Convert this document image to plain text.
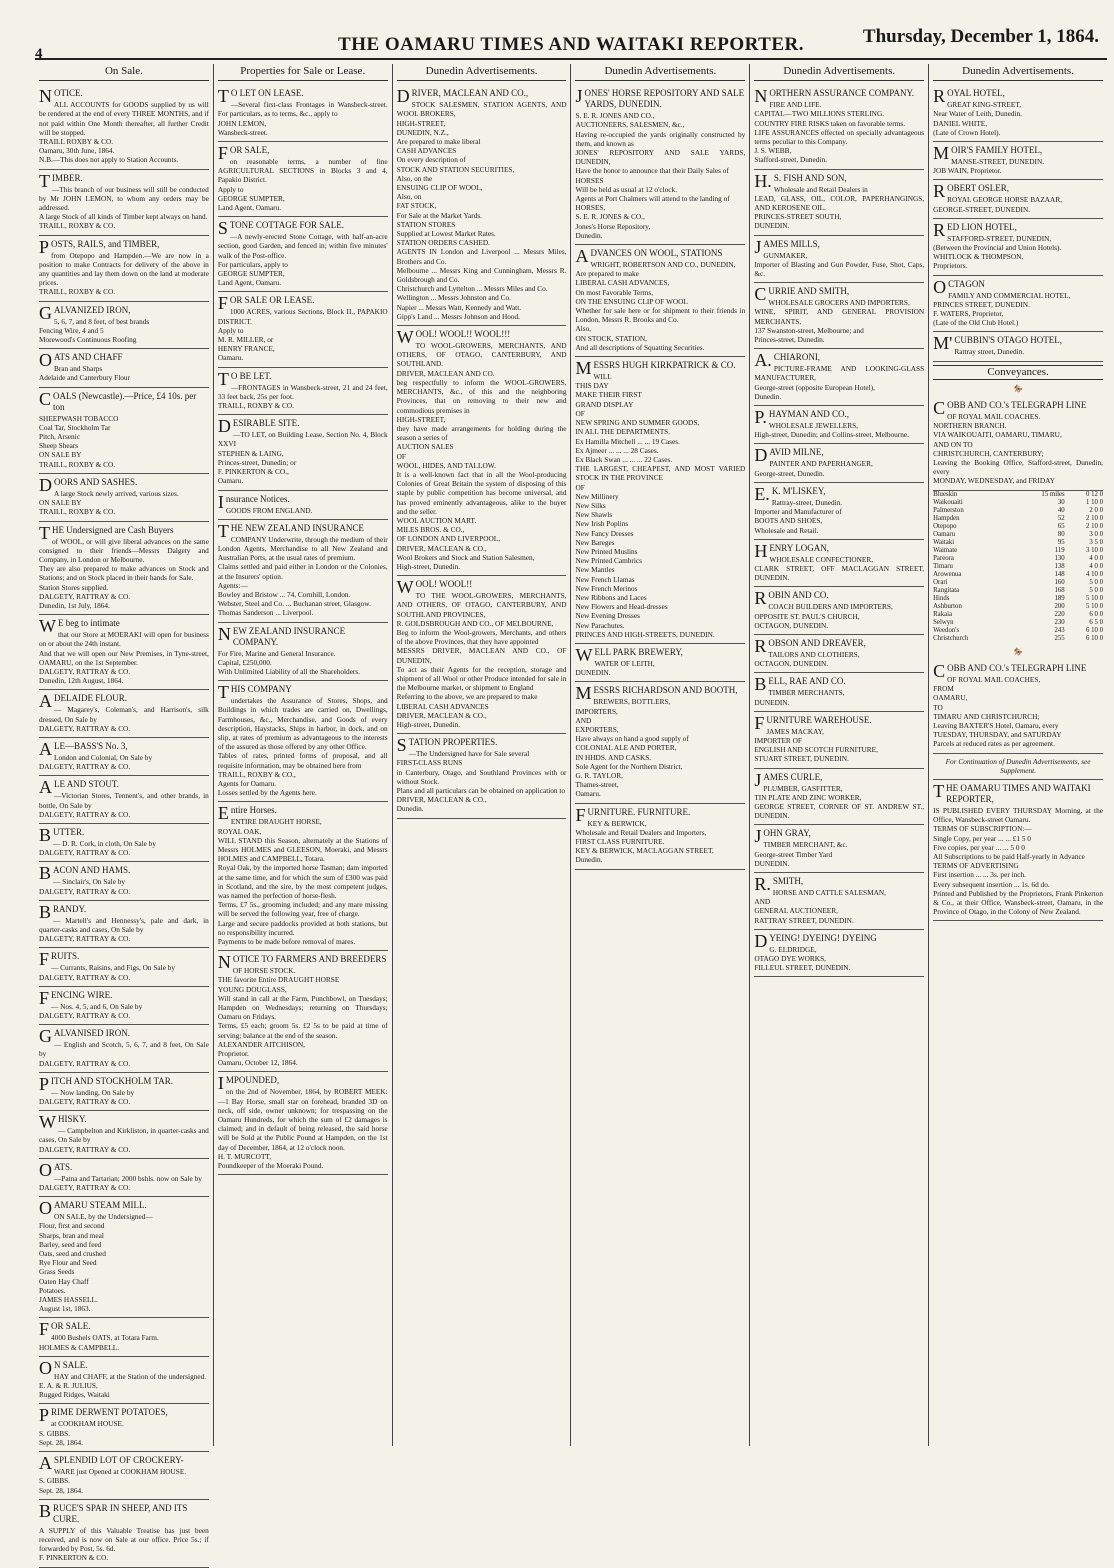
4	THE OAMARU TIMES AND WAITAKI REPORTER.	Thursday, December 1, 1864.
On Sale.
NOTICE.
ALL ACCOUNTS for GOODS supplied by us will be rendered at the end of every THREE MONTHS, and if not paid within One Month thereafter, all further Credit will be stopped.
TRAILL ROXBY & CO.
Oamaru, 30th June, 1864.
N.B.—This does not apply to Station Accounts.
TIMBER.
—This branch of our business will still be conducted by Mr JOHN LEMON, to whom any orders may be addressed.
A large Stock of all kinds of Timber kept always on hand.
TRAILL, ROXBY & CO.
POSTS, RAILS, and TIMBER,
from Otepopo and Hampden.—We are now in a position to make Contracts for delivery of the above in any quantities and lay them down on the land at moderate prices.
TRAILL, ROXBY & CO.
GALVANIZED IRON,
5, 6, 7, and 8 feet, of best brands
Fencing Wire, 4 and 5
Morewood's Continuous Roofing
OATS AND CHAFF
Bran and Sharps
Adelaide and Canterbury Flour
COALS (Newcastle).—Price, £4 10s. per ton
SHEEPWASH TOBACCO
Coal Tar, Stockholm Tar
Pitch, Arsenic
Sheep Shears
ON SALE BY
TRAILL, ROXBY & CO.
DOORS AND SASHES.
A large Stock newly arrived, various sizes.
ON SALE BY
TRAILL, ROXBY & CO.
THE Undersigned are Cash Buyers
of WOOL, or will give liberal advances on the same consigned to their friends—Messrs Dalgety and Company, in London or Melbourne.
They are also prepared to make advances on Stock and Stations; and on Stock placed in their hands for Sale.
Station Stores supplied.
DALGETY, RATTRAY & CO.
Dunedin, 1st July, 1864.
WE beg to intimate
that our Store at MOERAKI will open for business on or about the 24th instant.
And that we will open our New Premises, in Tyne-street, OAMARU, on the 1st September.
DALGETY, RATTRAY & CO.
Dunedin, 12th August, 1864.
ADELAIDE FLOUR.
— Magarey's, Coleman's, and Harrison's, silk dressed, On Sale by
DALGETY, RATTRAY & CO.
ALE—BASS'S No. 3,
London and Colonial, On Sale by
DALGETY, RATTRAY & CO.
ALE AND STOUT.
—Victorian Stores, Tennent's, and other brands, in bottle, On Sale by
DALGETY, RATTRAY & CO.
BUTTER.
— D. R. Cork, in cloth, On Sale by
DALGETY, RATTRAY & CO.
BACON AND HAMS.
— Sinclair's, On Sale by
DALGETY, RATTRAY & CO.
BRANDY.
— Martell's and Hennessy's, pale and dark, in quarter-casks and cases, On Sale by
DALGETY, RATTRAY & CO.
FRUITS.
— Currants, Raisins, and Figs, On Sale by
DALGETY, RATTRAY & CO.
FENCING WIRE.
— Nos. 4, 5, and 6, On Sale by
DALGETY, RATTRAY & CO.
GALVANISED IRON.
— English and Scotch, 5, 6, 7, and 8 feet, On Sale by
DALGETY, RATTRAY & CO.
PITCH AND STOCKHOLM TAR.
— Now landing, On Sale by
DALGETY, RATTRAY & CO.
WHISKY.
— Campbelton and Kirkliston, in quarter-casks and cases, On Sale by
DALGETY, RATTRAY & CO.
OATS.
—Patna and Tartarian; 2000 bshls. now on Sale by
DALGETY, RATTRAY & CO.
OAMARU STEAM MILL.
ON SALE, by the Undersigned—
Flour, first and second
Sharps, bran and meal
Barley, seed and feed
Oats, seed and crushed
Rye Flour and Seed
Grass Seeds
Oaten Hay Chaff
Potatoes.
JAMES HASSELL.
August 1st, 1863.
FOR SALE.
4000 Bushels OATS, at Totara Farm.
HOLMES & CAMPBELL.
ON SALE.
HAY and CHAFF, at the Station of the undersigned.
E. A. & R. JULIUS,
Rugged Ridges, Waitaki
PRIME DERWENT POTATOES,
at COOKHAM HOUSE.
S. GIBBS.
Sept. 28, 1864.
ASPLENDID LOT OF CROCKERY-
WARE just Opened at COOKHAM HOUSE.
S. GIBBS.
Sept. 28, 1864.
BRUCE'S SPAR IN SHEEP, AND ITS CURE.
A SUPPLY of this Valuable Treatise has just been received, and is now on Sale at our office. Price 5s.; if forwarded by Post, 5s. 6d.
F. PINKERTON & CO.
Properties for Sale or Lease.
TO LET ON LEASE.
—Several first-class Frontages in Wansbeck-street. For particulars, as to terms, &c., apply to
JOHN LEMON,
Wansbeck-street.
FOR SALE,
on reasonable terms, a number of fine AGRICULTURAL SECTIONS in Blocks 3 and 4, Papakio District.
Apply to
GEORGE SUMPTER,
Land Agent, Oamaru.
STONE COTTAGE FOR SALE.
—A newly-erected Stone Cottage, with half-an-acre section, good Garden, and fenced in; within five minutes' walk of the Post-office.
For particulars, apply to
GEORGE SUMPTER,
Land Agent, Oamaru.
FOR SALE OR LEASE.
1000 ACRES, various Sections, Block II., PAPAKIO DISTRICT.
Apply to
M. R. MILLER, or
HENRY FRANCE,
Oamaru.
TO BE LET.
—FRONTAGES in Wansbeck-street, 21 and 24 feet, 33 feet back, 25s per foot.
TRAILL, ROXBY & CO.
DESIRABLE SITE.
—TO LET, on Building Lease, Section No. 4, Block XXVI
STEPHEN & LAING,
Princes-street, Dunedin; or
F. PINKERTON & CO.,
Oamaru.
Insurance Notices.
GOODS FROM ENGLAND.
THE NEW ZEALAND INSURANCE
COMPANY Underwrite, through the medium of their London Agents, Merchandise to all New Zealand and Australian Ports, at the usual rates of premium.
Claims settled and paid either in London or the Colonies, at the Insurers' option.
Agents:—
Bowley and Bristow ... 74, Cornhill, London.
Webster, Steel and Co. ... Buchanan street, Glasgow.
Thomas Sanderson ... Liverpool.
NEW ZEALAND INSURANCE COMPANY.
For Fire, Marine and General Insurance.
Capital, £250,000.
With Unlimited Liability of all the Shareholders.
THIS COMPANY
undertakes the Assurance of Stores, Shops, and Buildings in which trades are carried on, Dwellings, Farmhouses, &c., Merchandise, and Goods of every description, Haystacks, Ships in harbor, in dock, and on slip, at rates of premium as advantageous to the interests of the assured as those offered by any other Office.
Tables of rates, printed forms of proposal, and all requisite information, may be obtained here from
TRAILL, ROXBY & CO.,
Agents for Oamaru.
Losses settled by the Agents here.
Entire Horses.
ENTIRE DRAUGHT HORSE,
ROYAL OAK,
WILL STAND this Season, alternately at the Stations of Messrs HOLMES and GLEESON, Moeraki, and Messrs HOLMES and CAMPBELL, Totara.
Royal Oak, by the imported horse Tasman; dam imported at the same time, and for which the sum of £300 was paid in Scotland, and the sire, by the most competent judges, was named the perfection of horse-flesh.
Terms, £7 5s., grooming included; and any mare missing will be served the following year, free of charge.
Large and secure paddocks provided at both stations, but no responsibility incurred.
Payments to be made before removal of mares.
NOTICE TO FARMERS AND BREEDERS
OF HORSE STOCK.
THE favorite Entire DRAUGHT HORSE
YOUNG DOUGLASS,
Will stand in call at the Farm, Punchbowl, on Tuesdays; Hampden on Wednesdays; returning on Thursdays; Oamaru on Fridays.
Terms, £5 each; groom 5s. £2 5s to be paid at time of serving; balance at the end of the season.
ALEXANDER AITCHISON,
Proprietor.
Oamaru, October 12, 1864.
IMPOUNDED,
on the 2nd of November, 1864, by ROBERT MEEK:—1 Bay Horse, small star on forehead, branded 3D on neck, off side, owner unknown; for trespassing on the Oamaru Hundreds, for which the sum of £2 damages is claimed; and in default of being released, the said horse will be Sold at the Public Pound at Hampden, on the 1st day of December, 1864, at 12 o'clock noon.
H. T. MURCOTT,
Poundkeeper of the Moeraki Pound.
Dunedin Advertisements.
DRIVER, MACLEAN AND CO.,
STOCK SALESMEN, STATION AGENTS, AND WOOL BROKERS,
HIGH-STREET,
DUNEDIN, N.Z.,
Are prepared to make liberal
CASH ADVANCES
On every description of
STOCK AND STATION SECURITIES,
Also, on the
ENSUING CLIP OF WOOL,
Also, on
FAT STOCK,
For Sale at the Market Yards.
STATION STORES
Supplied at Lowest Market Rates.
STATION ORDERS CASHED.
AGENTS IN London and Liverpool ... Messrs Miles, Brothers and Co.
Melbourne ... Messrs King and Cunningham, Messrs R. Goldsbrough and Co.
Christchurch and Lyttelton ... Messrs Miles and Co.
Wellington ... Messrs Johnston and Co.
Napier ... Messrs Watt, Kennedy and Watt.
Gipp's Land ... Messrs Johnson and Hood.
WOOL! WOOL!! WOOL!!!
TO WOOL-GROWERS, MERCHANTS, AND OTHERS, OF OTAGO, CANTERBURY, AND SOUTHLAND.
DRIVER, MACLEAN AND CO.
beg respectfully to inform the WOOL-GROWERS, MERCHANTS, &c., of this and the neighboring Provinces, that on removing to their new and commodious premises in
HIGH-STREET,
they have made arrangements for holding during the season a series of
AUCTION SALES
OF
WOOL, HIDES, AND TALLOW.
It is a well-known fact that in all the Wool-producing Colonies of Great Britain the system of disposing of this staple by public competition has become universal, and has proved eminently advantageous, alike to the buyer and the seller.
WOOL AUCTION MART.
MILES BROS. & CO.,
OF LONDON AND LIVERPOOL,
DRIVER, MACLEAN & CO.,
Wool Brokers and Stock and Station Salesmen,
High-street, Dunedin.
WOOL! WOOL!!
TO THE WOOL-GROWERS, MERCHANTS, AND OTHERS, OF OTAGO, CANTERBURY, AND SOUTHLAND PROVINCES,
R. GOLDSBROUGH AND CO., OF MELBOURNE,
Beg to inform the Wool-growers, Merchants, and others of the above Provinces, that they have appointed
MESSRS DRIVER, MACLEAN AND CO., OF DUNEDIN,
To act as their Agents for the reception, storage and shipment of all Wool or other Produce intended for sale in the Melbourne market, or shipment to England
Referring to the above, we are prepared to make
LIBERAL CASH ADVANCES
DRIVER, MACLEAN & CO.,
High-street, Dunedin.
STATION PROPERTIES.
—The Undersigned have for Sale several
FIRST-CLASS RUNS
in Canterbury, Otago, and Southland Provinces with or without Stock.
Plans and all particulars can be obtained on application to
DRIVER, MACLEAN & CO.,
Dunedin.
Dunedin Advertisements.
JONES' HORSE REPOSITORY AND SALE YARDS, DUNEDIN.
S. E. R. JONES AND CO.,
AUCTIONEERS, SALESMEN, &c.,
Having re-occupied the yards originally constructed by them, and known as
JONES' REPOSITORY AND SALE YARDS, DUNEDIN,
Have the honor to announce that their Daily Sales of
HORSES
Will be held as usual at 12 o'clock.
Agents at Port Chalmers will attend to the landing of
HORSES,
S. E. R. JONES & CO.,
Jones's Horse Repository,
Dunedin.
ADVANCES ON WOOL, STATIONS
WRIGHT, ROBERTSON AND CO., DUNEDIN,
Are prepared to make
LIBERAL CASH ADVANCES,
On most Favorable Terms,
ON THE ENSUING CLIP OF WOOL
Whether for sale here or for shipment to their friends in London, Messrs R. Brooks and Co.
Also,
ON STOCK, STATION,
And all descriptions of Squatting Securities.
MESSRS HUGH KIRKPATRICK & CO.
WILL
THIS DAY
MAKE THEIR FIRST
GRAND DISPLAY
OF
NEW SPRING AND SUMMER GOODS,
IN ALL THE DEPARTMENTS.
Ex Hamilla Mitchell ... ... 19 Cases.
Ex Ajmeer ... ... ... 28 Cases.
Ex Black Swan ... ... ... 22 Cases.
THE LARGEST, CHEAPEST, AND MOST VARIED STOCK IN THE PROVINCE
OF
New Millinery
New Silks
New Shawls
New Irish Poplins
New Fancy Dresses
New Bareges
New Printed Muslins
New Printed Cambrics
New Mantles
New French Llamas
New French Merinos
New Ribbons and Laces
New Flowers and Head-dresses
New Evening Dresses
New Parachutes.
PRINCES AND HIGH-STREETS, DUNEDIN.
WELL PARK BREWERY,
WATER OF LEITH,
DUNEDIN.
MESSRS RICHARDSON AND BOOTH,
BREWERS, BOTTLERS,
IMPORTERS,
AND
EXPORTERS,
Have always on hand a good supply of
COLONIAL ALE AND PORTER,
IN HHDS. AND CASKS.
Sole Agent for the Northern District,
G. R. TAYLOR,
Thames-street,
Oamaru.
FURNITURE. FURNITURE.
KEY & BERWICK,
Wholesale and Retail Dealers and Importers,
FIRST CLASS FURNITURE.
KEY & BERWICK, MACLAGGAN STREET,
Dunedin.
Dunedin Advertisements.
NORTHERN ASSURANCE COMPANY.
FIRE AND LIFE.
CAPITAL—TWO MILLIONS STERLING.
COUNTRY FIRE RISKS taken on favorable terms.
LIFE ASSURANCES effected on specially advantageous terms peculiar to this Company.
J. S. WEBB,
Stafford-street, Dunedin.
H.S. FISH AND SON,
Wholesale and Retail Dealers in
LEAD, GLASS, OIL, COLOR, PAPERHANGINGS, AND KEROSENE OIL.
PRINCES-STREET SOUTH,
DUNEDIN.
JAMES MILLS,
GUNMAKER,
Importer of Blasting and Gun Powder, Fuse, Shot, Caps, &c.
CURRIE AND SMITH,
WHOLESALE GROCERS AND IMPORTERS,
WINE, SPIRIT, AND GENERAL PROVISION MERCHANTS,
137 Swanston-street, Melbourne; and
Princes-street, Dunedin.
A.CHIARONI,
PICTURE-FRAME AND LOOKING-GLASS MANUFACTURER,
George-street (opposite European Hotel),
Dunedin.
P.HAYMAN AND CO.,
WHOLESALE JEWELLERS,
High-street, Dunedin; and Collins-street, Melbourne.
DAVID MILNE,
PAINTER AND PAPERHANGER,
George-street, Dunedin.
E.K. M'LISKEY,
Rattray-street, Dunedin.
Importer and Manufacturer of
BOOTS AND SHOES,
Wholesale and Retail.
HENRY LOGAN,
WHOLESALE CONFECTIONER,
CLARK STREET, OFF MACLAGGAN STREET, DUNEDIN.
ROBIN AND CO.
COACH BUILDERS AND IMPORTERS,
OPPOSITE ST. PAUL'S CHURCH,
OCTAGON, DUNEDIN.
ROBSON AND DREAVER,
TAILORS AND CLOTHIERS,
OCTAGON, DUNEDIN.
BELL, RAE AND CO.
TIMBER MERCHANTS,
DUNEDIN.
FURNITURE WAREHOUSE.
JAMES MACKAY,
IMPORTER OF
ENGLISH AND SCOTCH FURNITURE,
STUART STREET, DUNEDIN.
JAMES CURLE,
PLUMBER, GASFITTER,
TIN PLATE AND ZINC WORKER,
GEORGE STREET, CORNER OF ST. ANDREW ST., DUNEDIN.
JOHN GRAY,
TIMBER MERCHANT, &c.
George-street Timber Yard
DUNEDIN.
R.SMITH,
HORSE AND CATTLE SALESMAN,
AND
GENERAL AUCTIONEER,
RATTRAY STREET, DUNEDIN.
DYEING! DYEING! DYEING
G. ELDRIDGE,
OTAGO DYE WORKS,
FILLEUL STREET, DUNEDIN.
Dunedin Advertisements.
ROYAL HOTEL,
GREAT KING-STREET,
Near Water of Leith, Dunedin.
DANIEL WHITE,
(Late of Crown Hotel).
MOIR'S FAMILY HOTEL,
MANSE-STREET, DUNEDIN.
JOB WAIN, Proprietor.
ROBERT OSLER,
ROYAL GEORGE HORSE BAZAAR,
GEORGE-STREET, DUNEDIN.
RED LION HOTEL,
STAFFORD-STREET, DUNEDIN,
(Between the Provincial and Union Hotels).
WHITLOCK & THOMPSON,
Proprietors.
OCTAGON
FAMILY AND COMMERCIAL HOTEL,
PRINCES STREET, DUNEDIN.
F. WATERS, Proprietor,
(Late of the Old Club Hotel.)
M'CUBBIN'S OTAGO HOTEL,
Rattray street, Dunedin.
Conveyances.
🏇
COBB AND CO.'s TELEGRAPH LINE
OF ROYAL MAIL COACHES.
NORTHERN BRANCH.
VIA WAIKOUAITI, OAMARU, TIMARU,
AND ON TO
CHRISTCHURCH, CANTERBURY;
Leaving the Booking Office, Stafford-street, Dunedin, every
MONDAY, WEDNESDAY, and FRIDAY
Blueskin	15 miles	0 12 0
Waikouaiti	30	1 10 0
Palmerston	40	2 0 0
Hampden	52	2 10 0
Otepopo	65	2 10 0
Oamaru	80	3 0 0
Waitaki	95	3 5 0
Waimate	119	3 10 0
Pareora	130	4 0 0
Timaru	138	4 0 0
Arowenua	148	4 10 0
Orari	160	5 0 0
Rangitata	168	5 0 0
Hinds	189	5 10 0
Ashburton	200	5 10 0
Rakaia	220	6 0 0
Selwyn	230	6 5 0
Weedon's	243	6 10 0
Christchurch	255	6 10 0
🏇
COBB AND CO.'s TELEGRAPH LINE
OF ROYAL MAIL COACHES,
FROM
OAMARU,
TO
TIMARU AND CHRISTCHURCH;
Leaving BAXTER'S Hotel, Oamaru, every
TUESDAY, THURSDAY, and SATURDAY
Parcels at reduced rates as per agreement.
For Continuation of Dunedin Advertisements, see Supplement.
THE OAMARU TIMES AND WAITAKI REPORTER,
IS PUBLISHED EVERY THURSDAY Morning, at the Office, Wansbeck-street Oamaru.
TERMS OF SUBSCRIPTION:—
Single Copy, per year ... ... £1 5 0
Five copies, per year ... ... 5 0 0
All Subscriptions to be paid Half-yearly in Advance
TERMS OF ADVERTISING
First insertion ... ... 3s. per inch.
Every subsequent insertion ... 1s. 6d do.
Printed and Published by the Proprietors, Frank Pinkerton & Co., at their Office, Wansbeck-street, Oamaru, in the Province of Otago, in the Colony of New Zealand.
